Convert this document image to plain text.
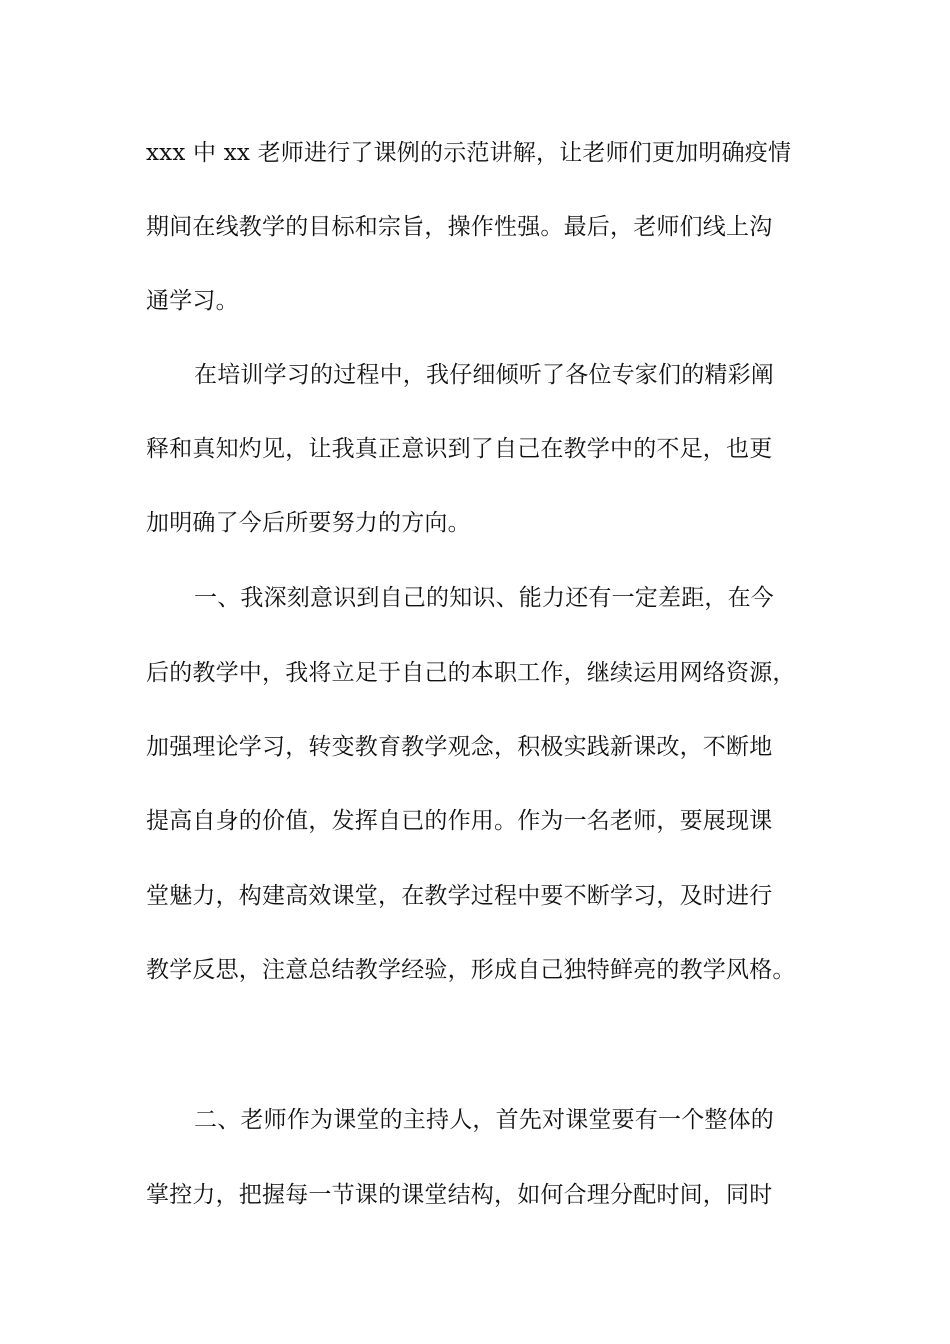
xxx 中 xx 老师进行了课例的示范讲解，让老师们更加明确疫情
期间在线教学的目标和宗旨，操作性强。最后，老师们线上沟
通学习。
在培训学习的过程中，我仔细倾听了各位专家们的精彩阐
释和真知灼见，让我真正意识到了自己在教学中的不足，也更
加明确了今后所要努力的方向。
一、我深刻意识到自己的知识、能力还有一定差距，在今
后的教学中，我将立足于自己的本职工作，继续运用网络资源，
加强理论学习，转变教育教学观念，积极实践新课改，不断地
提高自身的价值，发挥自已的作用。作为一名老师，要展现课
堂魅力，构建高效课堂，在教学过程中要不断学习，及时进行
教学反思，注意总结教学经验，形成自己独特鲜亮的教学风格。
二、老师作为课堂的主持人，首先对课堂要有一个整体的
掌控力，把握每一节课的课堂结构，如何合理分配时间，同时
